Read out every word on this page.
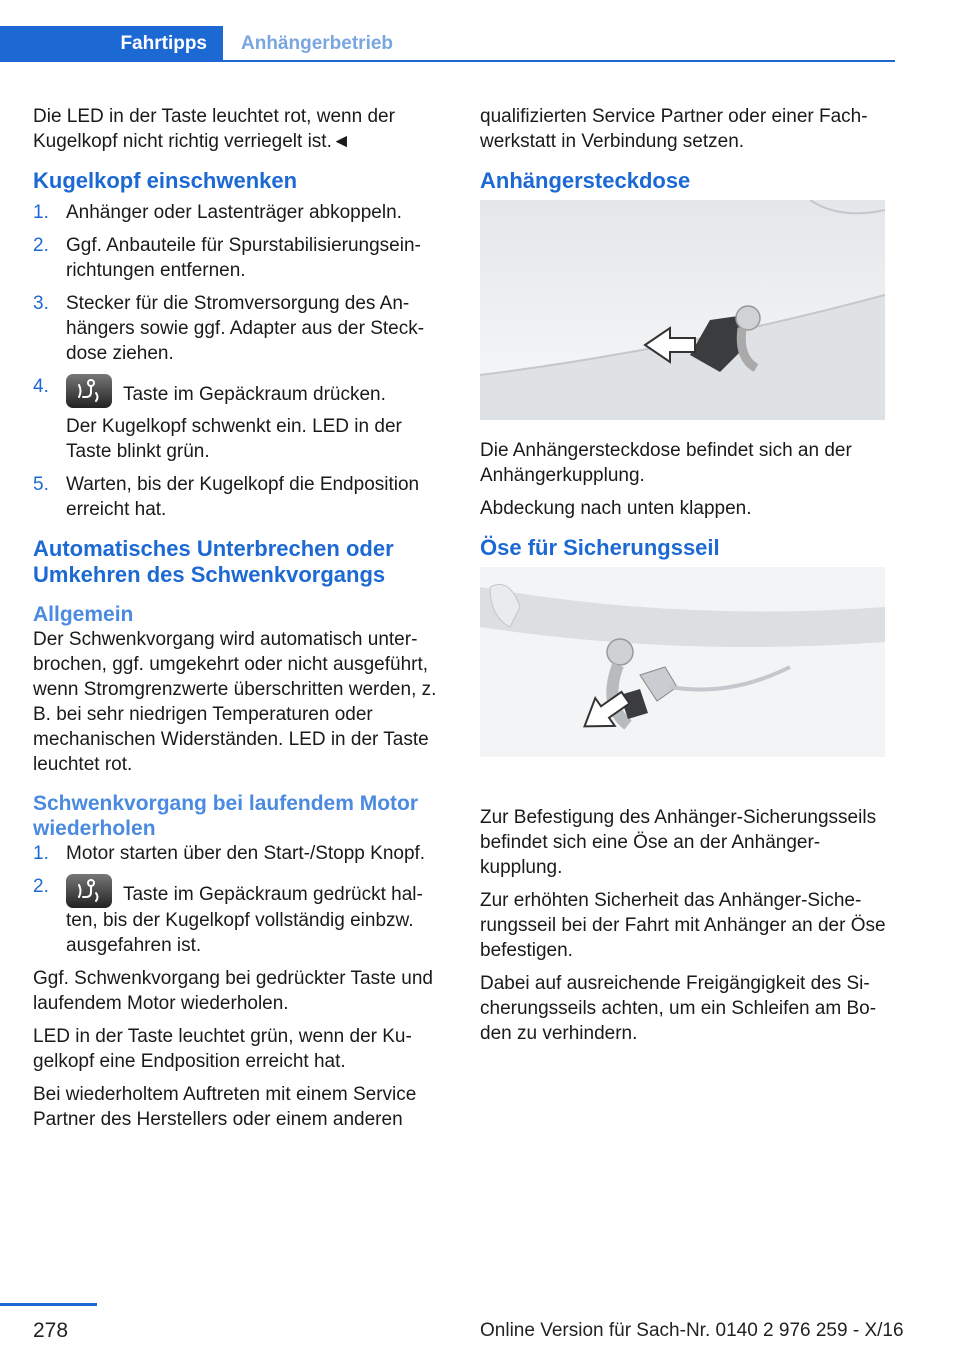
Fahrtipps	Anhängerbetrieb

Die LED in der Taste leuchtet rot, wenn der Kugelkopf nicht richtig verriegelt ist.◄

Kugelkopf einschwenken
1. Anhänger oder Lastenträger abkoppeln.
2. Ggf. Anbauteile für Spurstabilisierungseinrichtungen entfernen.
3. Stecker für die Stromversorgung des Anhängers sowie ggf. Adapter aus der Steckdose ziehen.
4.	Taste im Gepäckraum drücken.
Der Kugelkopf schwenkt ein. LED in der Taste blinkt grün.
5. Warten, bis der Kugelkopf die Endposition erreicht hat.
Automatisches Unterbrechen oder Umkehren des Schwenkvorgangs
Allgemein

Der Schwenkvorgang wird automatisch unterbrochen, ggf. umgekehrt oder nicht ausgeführt, wenn Stromgrenzwerte überschritten werden, z. B. bei sehr niedrigen Temperaturen oder mechanischen Widerständen. LED in der Taste leuchtet rot.

Schwenkvorgang bei laufendem Motor wiederholen
1. Motor starten über den Start-/Stopp Knopf.
2.	Taste im Gepäckraum gedrückt halten, bis der Kugelkopf vollständig einbzw. ausgefahren ist.

Ggf. Schwenkvorgang bei gedrückter Taste und laufendem Motor wiederholen.

LED in der Taste leuchtet grün, wenn der Kugelkopf eine Endposition erreicht hat.

Bei wiederholtem Auftreten mit einem Service Partner des Herstellers oder einem anderen

qualifizierten Service Partner oder einer Fachwerkstatt in Verbindung setzen.

Anhängersteckdose

Die Anhängersteckdose befindet sich an der Anhängerkupplung.

Abdeckung nach unten klappen.

Öse für Sicherungsseil

Zur Befestigung des Anhänger-Sicherungsseils befindet sich eine Öse an der Anhängerkupplung.

Zur erhöhten Sicherheit das Anhänger-Sicherungsseil bei der Fahrt mit Anhänger an der Öse befestigen.

Dabei auf ausreichende Freigängigkeit des Sicherungsseils achten, um ein Schleifen am Boden zu verhindern.

278	Online Version für Sach-Nr. 0140 2 976 259 - X/16
